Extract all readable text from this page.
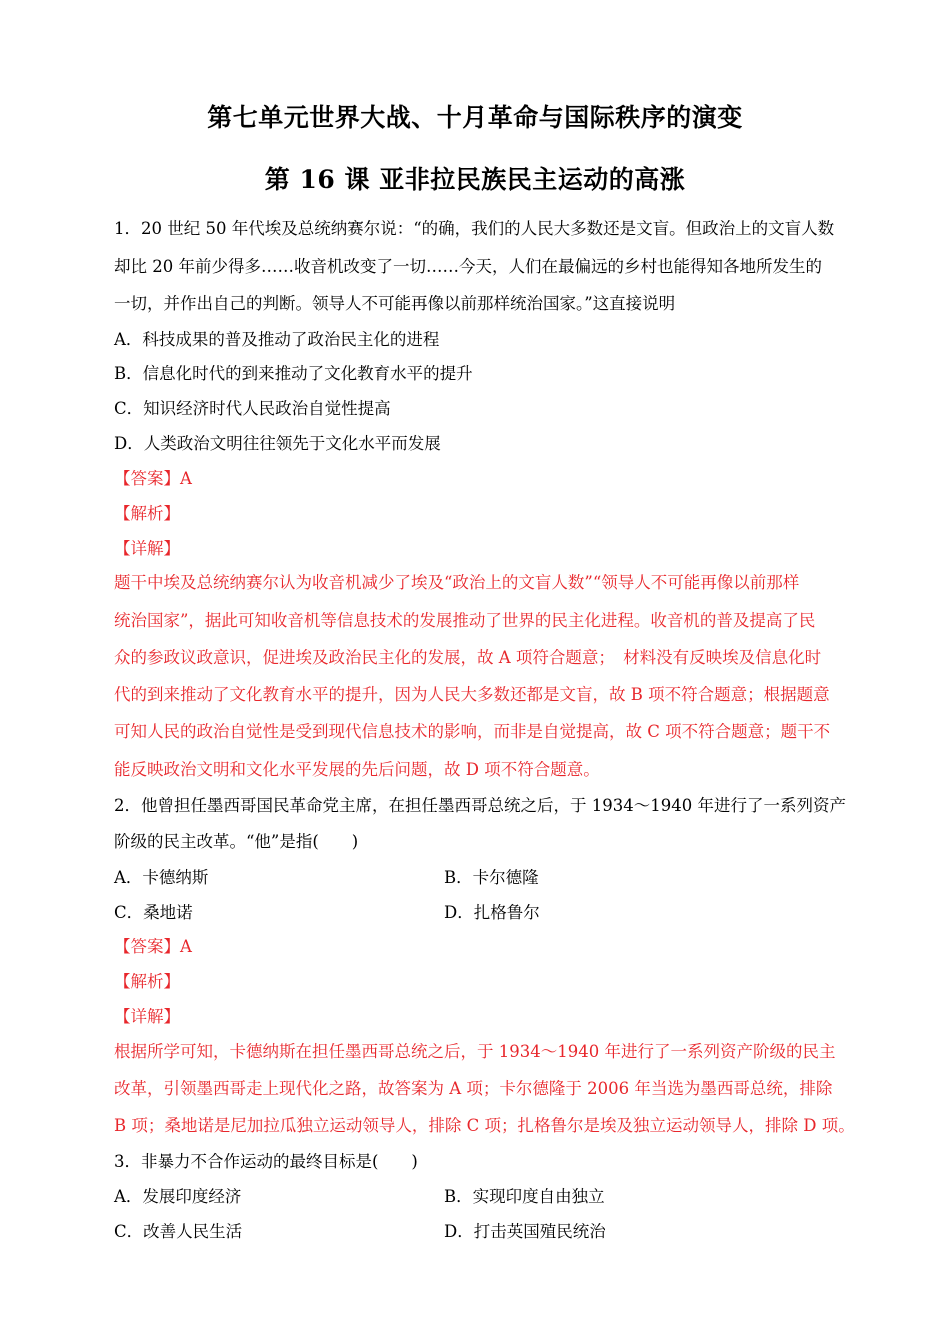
第七单元世界大战、十月革命与国际秩序的演变
第 16 课 亚非拉民族民主运动的高涨
1．20 世纪 50 年代埃及总统纳赛尔说：“的确，我们的人民大多数还是文盲。但政治上的文盲人数
却比 20 年前少得多……收音机改变了一切……今天，人们在最偏远的乡村也能得知各地所发生的
一切，并作出自己的判断。领导人不可能再像以前那样统治国家。”这直接说明
A．科技成果的普及推动了政治民主化的进程
B．信息化时代的到来推动了文化教育水平的提升
C．知识经济时代人民政治自觉性提高
D．人类政治文明往往领先于文化水平而发展
【答案】A
【解析】
【详解】
题干中埃及总统纳赛尔认为收音机减少了埃及“政治上的文盲人数”“领导人不可能再像以前那样
统治国家”，据此可知收音机等信息技术的发展推动了世界的民主化进程。收音机的普及提高了民
众的参政议政意识，促进埃及政治民主化的发展，故 A 项符合题意；　材料没有反映埃及信息化时
代的到来推动了文化教育水平的提升，因为人民大多数还都是文盲，故 B 项不符合题意；根据题意
可知人民的政治自觉性是受到现代信息技术的影响，而非是自觉提高，故 C 项不符合题意；题干不
能反映政治文明和文化水平发展的先后问题，故 D 项不符合题意。
2．他曾担任墨西哥国民革命党主席，在担任墨西哥总统之后，于 1934～1940 年进行了一系列资产
阶级的民主改革。“他”是指(　　)
A．卡德纳斯	B．卡尔德隆
C．桑地诺	D．扎格鲁尔
【答案】A
【解析】
【详解】
根据所学可知，卡德纳斯在担任墨西哥总统之后，于 1934～1940 年进行了一系列资产阶级的民主
改革，引领墨西哥走上现代化之路，故答案为 A 项；卡尔德隆于 2006 年当选为墨西哥总统，排除
B 项；桑地诺是尼加拉瓜独立运动领导人，排除 C 项；扎格鲁尔是埃及独立运动领导人，排除 D 项。
3．非暴力不合作运动的最终目标是(　　)
A．发展印度经济	B．实现印度自由独立
C．改善人民生活	D．打击英国殖民统治
